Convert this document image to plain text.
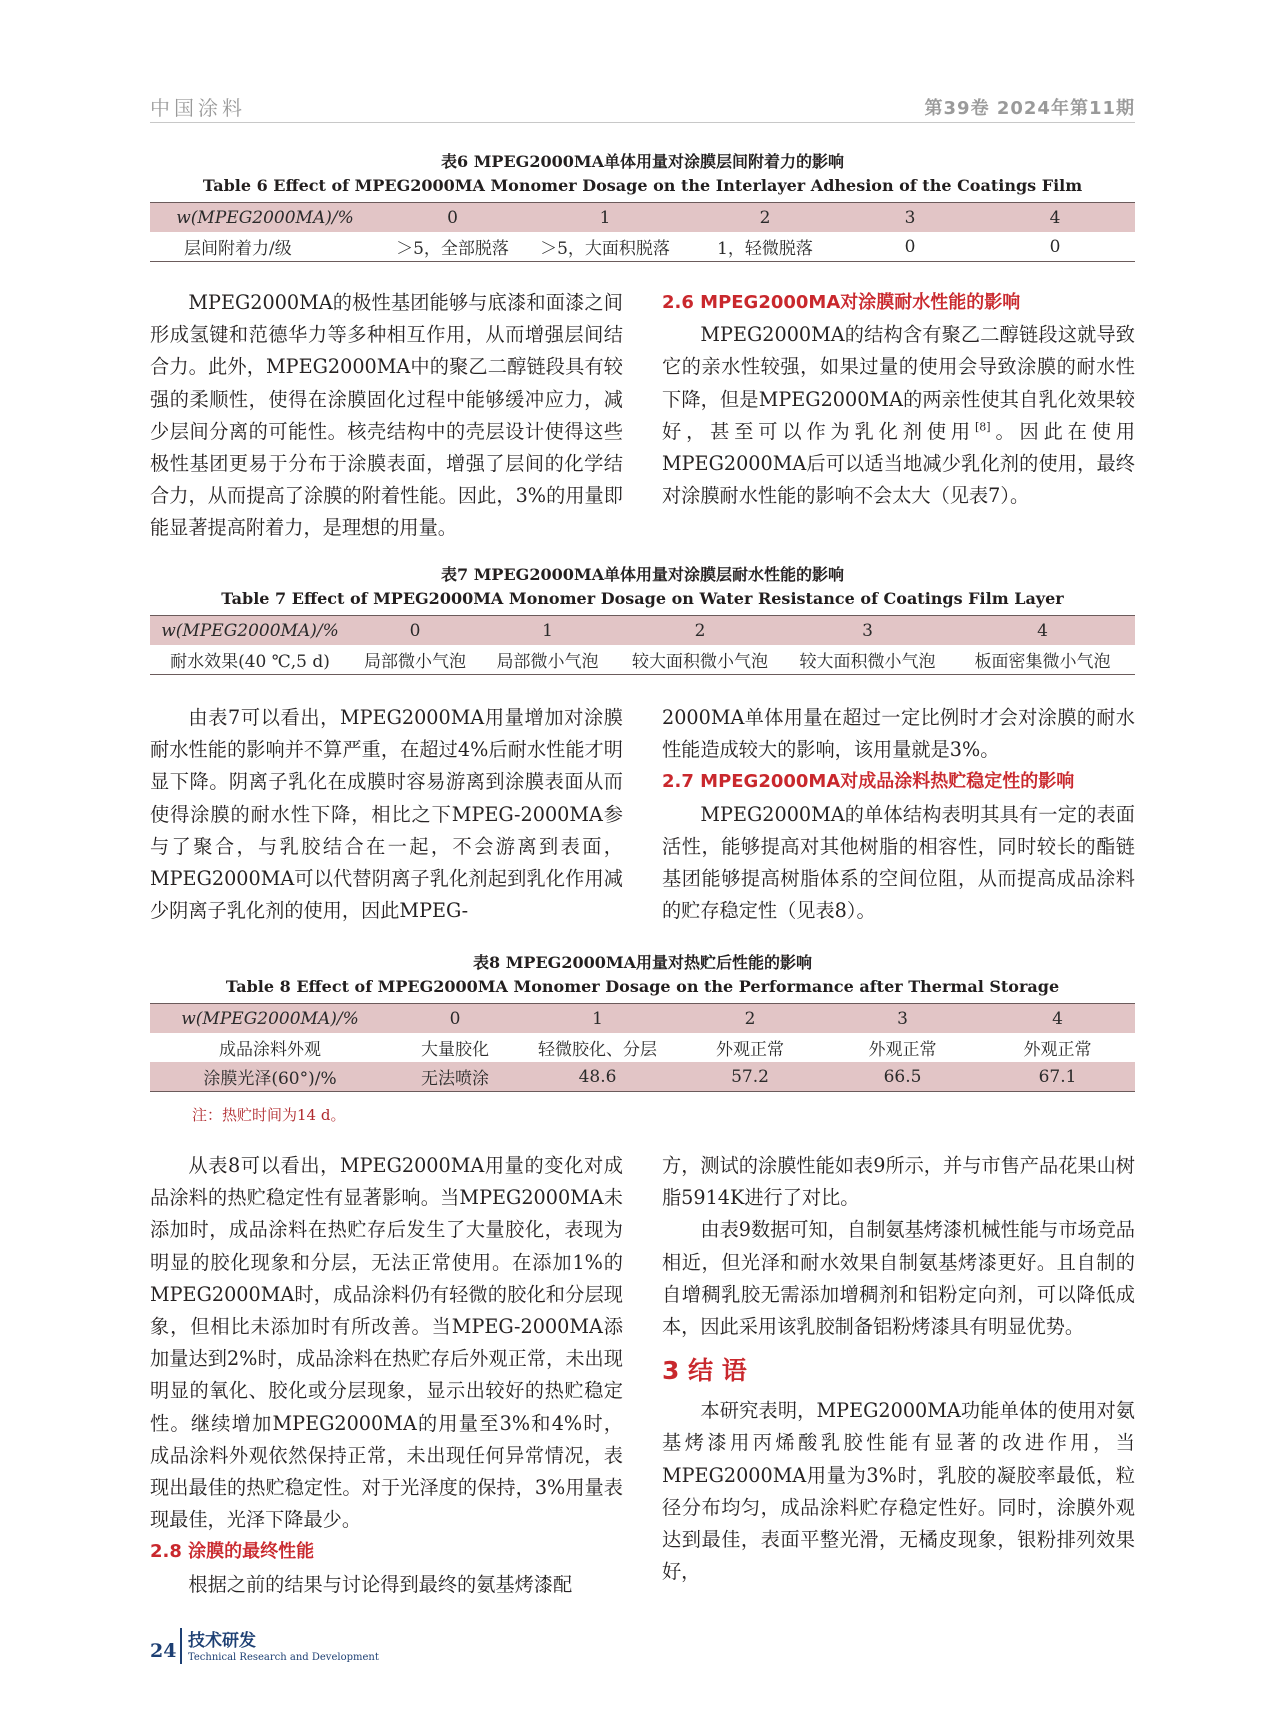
中国涂料	第39卷 2024年第11期
表6 MPEG2000MA单体用量对涂膜层间附着力的影响
Table 6 Effect of MPEG2000MA Monomer Dosage on the Interlayer Adhesion of the Coatings Film
w(MPEG2000MA)/%	0	1	2	3	4
层间附着力/级	＞5，全部脱落	＞5，大面积脱落	1，轻微脱落	0	0

MPEG2000MA的极性基团能够与底漆和面漆之间形成氢键和范德华力等多种相互作用，从而增强层间结合力。此外，MPEG2000MA中的聚乙二醇链段具有较强的柔顺性，使得在涂膜固化过程中能够缓冲应力，减少层间分离的可能性。核壳结构中的壳层设计使得这些极性基团更易于分布于涂膜表面，增强了层间的化学结合力，从而提高了涂膜的附着性能。因此，3%的用量即能显著提高附着力，是理想的用量。

2.6 MPEG2000MA对涂膜耐水性能的影响

MPEG2000MA的结构含有聚乙二醇链段这就导致它的亲水性较强，如果过量的使用会导致涂膜的耐水性下降，但是MPEG2000MA的两亲性使其自乳化效果较好，甚至可以作为乳化剂使用[8]。因此在使用MPEG2000MA后可以适当地减少乳化剂的使用，最终对涂膜耐水性能的影响不会太大（见表7）。

表7 MPEG2000MA单体用量对涂膜层耐水性能的影响
Table 7 Effect of MPEG2000MA Monomer Dosage on Water Resistance of Coatings Film Layer
w(MPEG2000MA)/%	0	1	2	3	4
耐水效果(40 ℃,5 d)	局部微小气泡	局部微小气泡	较大面积微小气泡	较大面积微小气泡	板面密集微小气泡

由表7可以看出，MPEG2000MA用量增加对涂膜耐水性能的影响并不算严重，在超过4%后耐水性能才明显下降。阴离子乳化在成膜时容易游离到涂膜表面从而使得涂膜的耐水性下降，相比之下MPEG-2000MA参与了聚合，与乳胶结合在一起，不会游离到表面，MPEG2000MA可以代替阴离子乳化剂起到乳化作用减少阴离子乳化剂的使用，因此MPEG-

2000MA单体用量在超过一定比例时才会对涂膜的耐水性能造成较大的影响，该用量就是3%。

2.7 MPEG2000MA对成品涂料热贮稳定性的影响

MPEG2000MA的单体结构表明其具有一定的表面活性，能够提高对其他树脂的相容性，同时较长的酯链基团能够提高树脂体系的空间位阻，从而提高成品涂料的贮存稳定性（见表8）。

表8 MPEG2000MA用量对热贮后性能的影响
Table 8 Effect of MPEG2000MA Monomer Dosage on the Performance after Thermal Storage
w(MPEG2000MA)/%	0	1	2	3	4
成品涂料外观	大量胶化	轻微胶化、分层	外观正常	外观正常	外观正常
涂膜光泽(60°)/%	无法喷涂	48.6	57.2	66.5	67.1
注：热贮时间为14 d。

从表8可以看出，MPEG2000MA用量的变化对成品涂料的热贮稳定性有显著影响。当MPEG2000MA未添加时，成品涂料在热贮存后发生了大量胶化，表现为明显的胶化现象和分层，无法正常使用。在添加1%的MPEG2000MA时，成品涂料仍有轻微的胶化和分层现象，但相比未添加时有所改善。当MPEG-2000MA添加量达到2%时，成品涂料在热贮存后外观正常，未出现明显的氧化、胶化或分层现象，显示出较好的热贮稳定性。继续增加MPEG2000MA的用量至3%和4%时，成品涂料外观依然保持正常，未出现任何异常情况，表现出最佳的热贮稳定性。对于光泽度的保持，3%用量表现最佳，光泽下降最少。

2.8 涂膜的最终性能

根据之前的结果与讨论得到最终的氨基烤漆配

方，测试的涂膜性能如表9所示，并与市售产品花果山树脂5914K进行了对比。

由表9数据可知，自制氨基烤漆机械性能与市场竞品相近，但光泽和耐水效果自制氨基烤漆更好。且自制的自增稠乳胶无需添加增稠剂和铝粉定向剂，可以降低成本，因此采用该乳胶制备铝粉烤漆具有明显优势。

3 结 语

本研究表明，MPEG2000MA功能单体的使用对氨基烤漆用丙烯酸乳胶性能有显著的改进作用，当MPEG2000MA用量为3%时，乳胶的凝胶率最低，粒径分布均匀，成品涂料贮存稳定性好。同时，涂膜外观达到最佳，表面平整光滑，无橘皮现象，银粉排列效果好，

24 技术研发
Technical Research and Development
